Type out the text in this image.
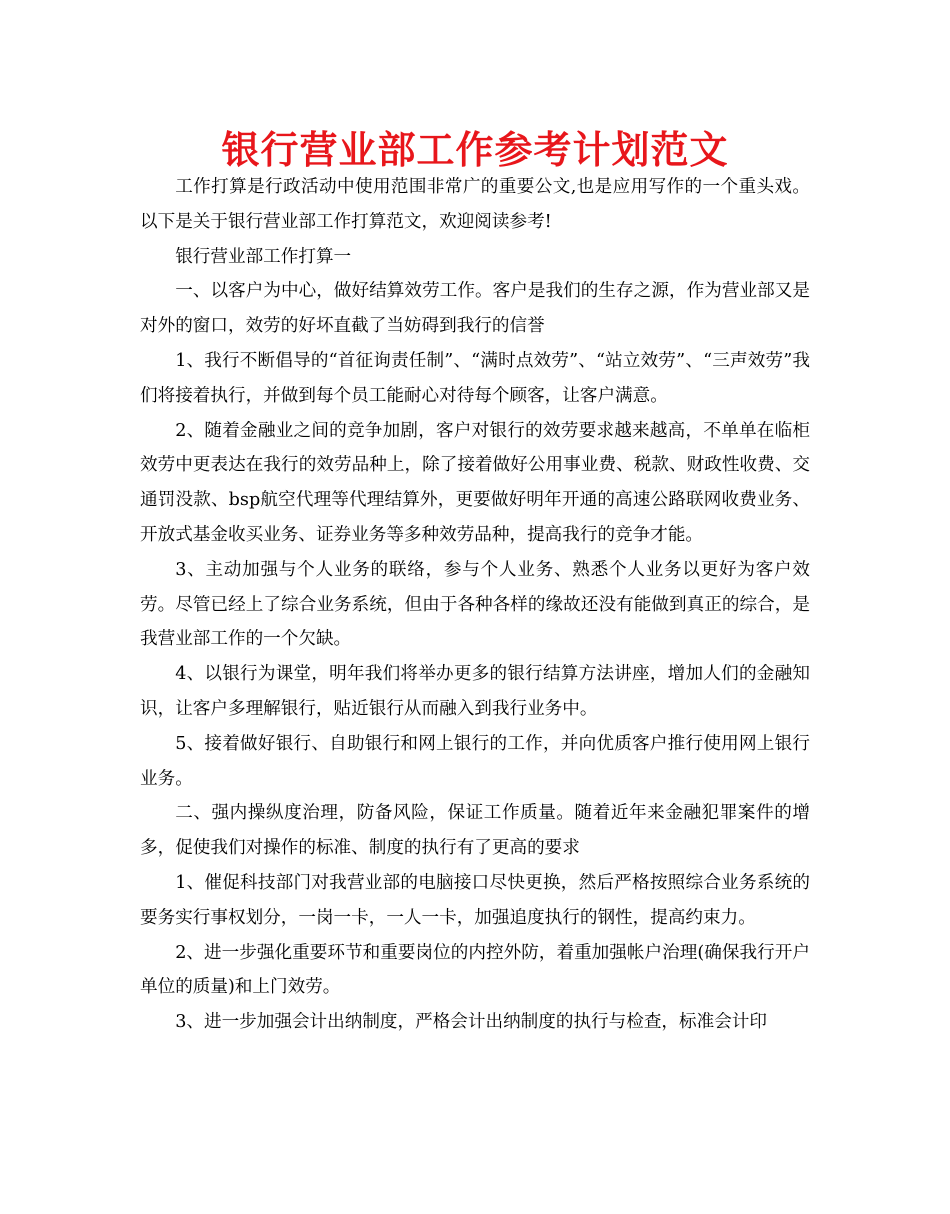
银行营业部工作参考计划范文

工作打算是行政活动中使用范围非常广的重要公文,也是应用写作的一个重头戏。以下是关于银行营业部工作打算范文，欢迎阅读参考!

银行营业部工作打算一

一、以客户为中心，做好结算效劳工作。客户是我们的生存之源，作为营业部又是对外的窗口，效劳的好坏直截了当妨碍到我行的信誉

1、我行不断倡导的“首征询责任制”、“满时点效劳”、“站立效劳”、“三声效劳”我们将接着执行，并做到每个员工能耐心对待每个顾客，让客户满意。

2、随着金融业之间的竞争加剧，客户对银行的效劳要求越来越高，不单单在临柜效劳中更表达在我行的效劳品种上，除了接着做好公用事业费、税款、财政性收费、交通罚没款、bsp航空代理等代理结算外，更要做好明年开通的高速公路联网收费业务、开放式基金收买业务、证券业务等多种效劳品种，提高我行的竞争才能。

3、主动加强与个人业务的联络，参与个人业务、熟悉个人业务以更好为客户效劳。尽管已经上了综合业务系统，但由于各种各样的缘故还没有能做到真正的综合，是我营业部工作的一个欠缺。

4、以银行为课堂，明年我们将举办更多的银行结算方法讲座，增加人们的金融知识，让客户多理解银行，贴近银行从而融入到我行业务中。

5、接着做好银行、自助银行和网上银行的工作，并向优质客户推行使用网上银行业务。

二、强内操纵度治理，防备风险，保证工作质量。随着近年来金融犯罪案件的增多，促使我们对操作的标准、制度的执行有了更高的要求

1、催促科技部门对我营业部的电脑接口尽快更换，然后严格按照综合业务系统的要务实行事权划分，一岗一卡，一人一卡，加强追度执行的钢性，提高约束力。

2、进一步强化重要环节和重要岗位的内控外防，着重加强帐户治理(确保我行开户单位的质量)和上门效劳。

3、进一步加强会计出纳制度，严格会计出纳制度的执行与检查，标准会计印
